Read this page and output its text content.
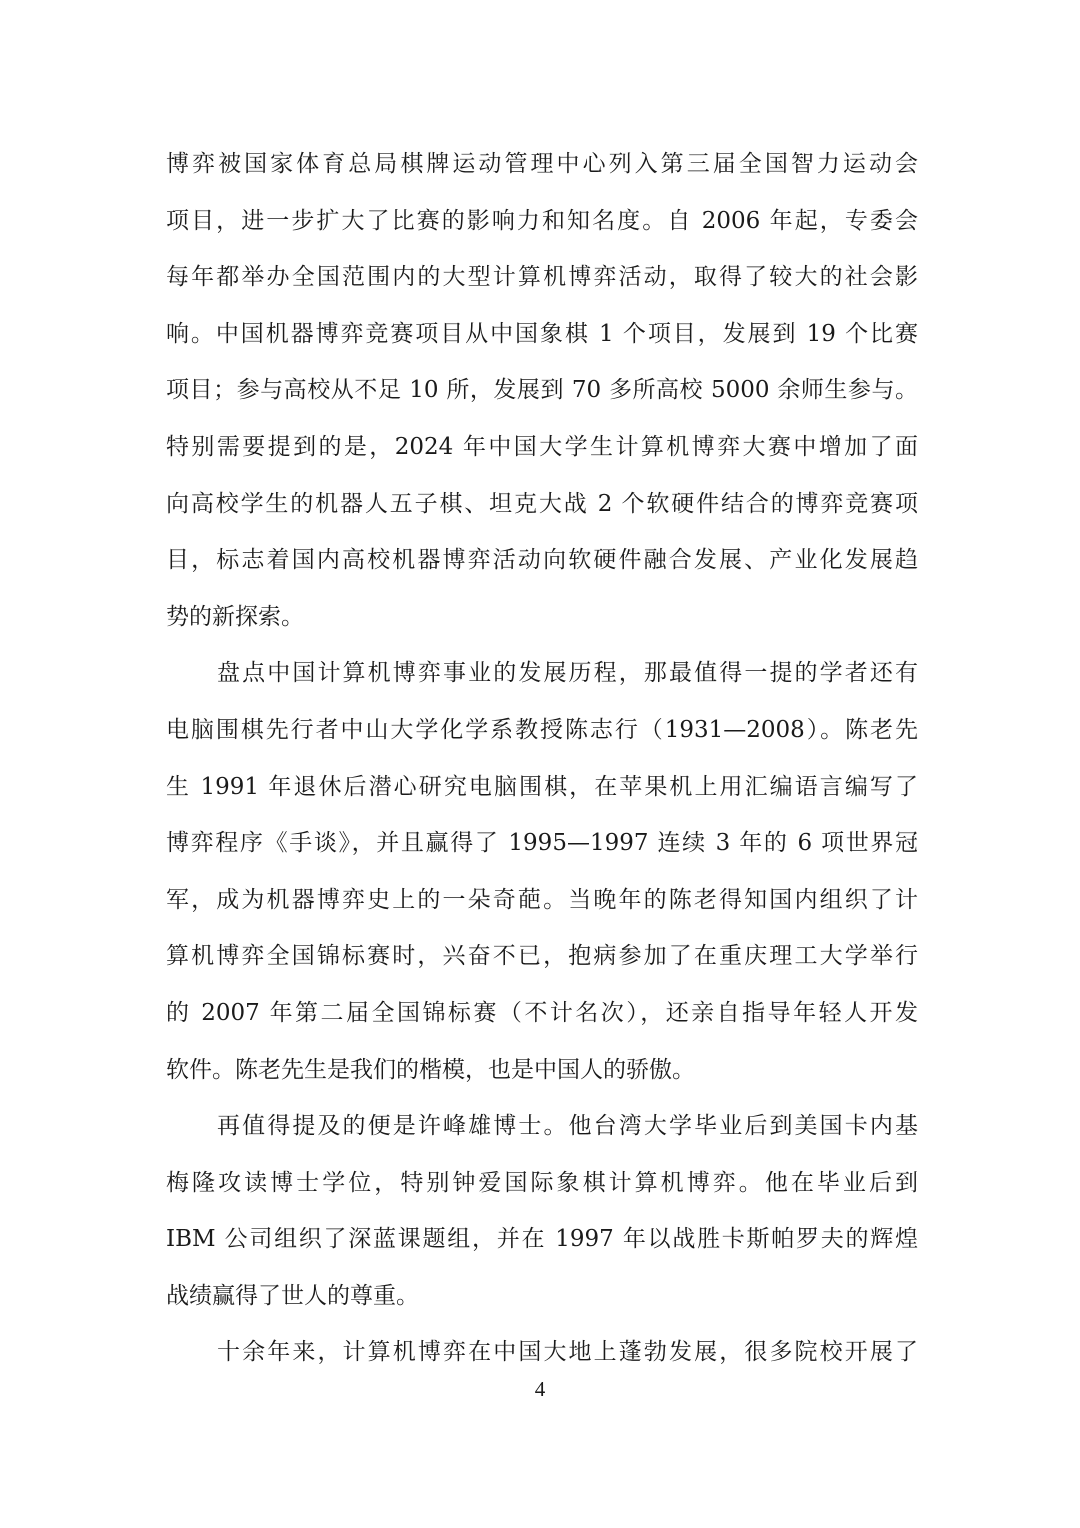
博弈被国家体育总局棋牌运动管理中心列入第三届全国智力运动会
项目，进一步扩大了比赛的影响力和知名度。自 2006 年起，专委会
每年都举办全国范围内的大型计算机博弈活动，取得了较大的社会影
响。中国机器博弈竞赛项目从中国象棋 1 个项目，发展到 19 个比赛
项目；参与高校从不足 10 所，发展到 70 多所高校 5000 余师生参与。
特别需要提到的是，2024 年中国大学生计算机博弈大赛中增加了面
向高校学生的机器人五子棋、坦克大战 2 个软硬件结合的博弈竞赛项
目，标志着国内高校机器博弈活动向软硬件融合发展、产业化发展趋
势的新探索。
盘点中国计算机博弈事业的发展历程，那最值得一提的学者还有
电脑围棋先行者中山大学化学系教授陈志行（1931—2008）。陈老先
生 1991 年退休后潜心研究电脑围棋，在苹果机上用汇编语言编写了
博弈程序《手谈》，并且赢得了 1995—1997 连续 3 年的 6 项世界冠
军，成为机器博弈史上的一朵奇葩。当晚年的陈老得知国内组织了计
算机博弈全国锦标赛时，兴奋不已，抱病参加了在重庆理工大学举行
的 2007 年第二届全国锦标赛（不计名次），还亲自指导年轻人开发
软件。陈老先生是我们的楷模，也是中国人的骄傲。
再值得提及的便是许峰雄博士。他台湾大学毕业后到美国卡内基
梅隆攻读博士学位，特别钟爱国际象棋计算机博弈。他在毕业后到
IBM 公司组织了深蓝课题组，并在 1997 年以战胜卡斯帕罗夫的辉煌
战绩赢得了世人的尊重。
十余年来，计算机博弈在中国大地上蓬勃发展，很多院校开展了
4
